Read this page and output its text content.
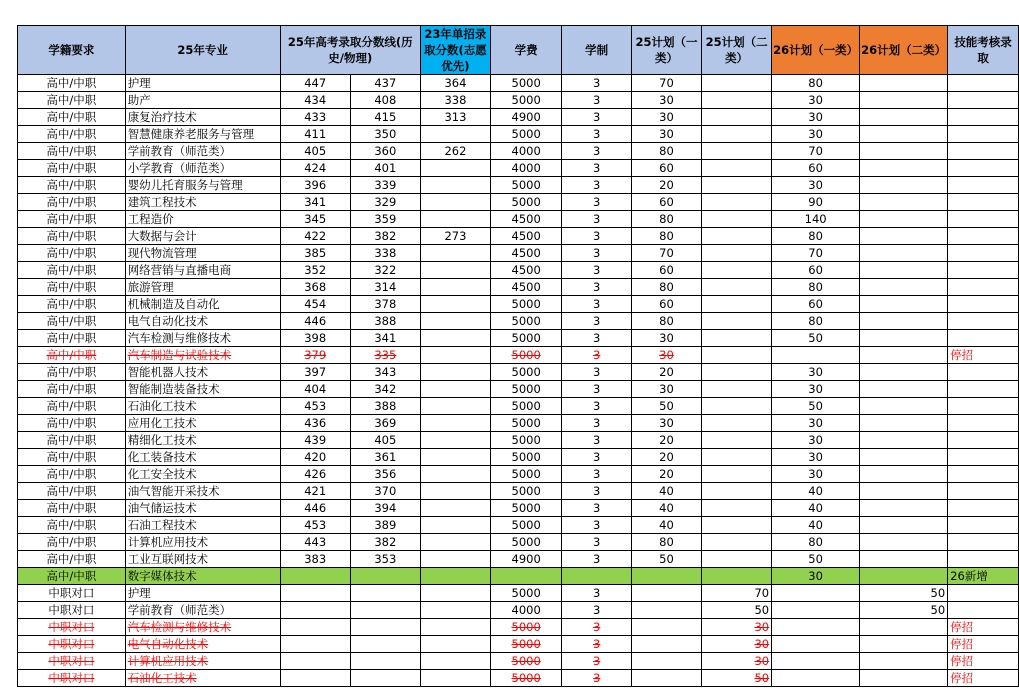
学籍要求	25年专业	25年高考录取分数线(历史/物理)		23年单招录取分数(志愿优先)	学费	学制	25计划（一类）	25计划（二类）	26计划（一类）	26计划（二类）	技能考核录取
高中/中职	护理	447	437	364	5000	3	70		80		
高中/中职	助产	434	408	338	5000	3	30		30		
高中/中职	康复治疗技术	433	415	313	4900	3	30		30		
高中/中职	智慧健康养老服务与管理	411	350		5000	3	30		30		
高中/中职	学前教育（师范类）	405	360	262	4000	3	80		70		
高中/中职	小学教育（师范类）	424	401		4000	3	60		60		
高中/中职	婴幼儿托育服务与管理	396	339		5000	3	20		30		
高中/中职	建筑工程技术	341	329		5000	3	60		90		
高中/中职	工程造价	345	359		4500	3	80		140		
高中/中职	大数据与会计	422	382	273	4500	3	80		80		
高中/中职	现代物流管理	385	338		4500	3	70		70		
高中/中职	网络营销与直播电商	352	322		4500	3	60		60		
高中/中职	旅游管理	368	314		4500	3	80		80		
高中/中职	机械制造及自动化	454	378		5000	3	60		60		
高中/中职	电气自动化技术	446	388		5000	3	80		80		
高中/中职	汽车检测与维修技术	398	341		5000	3	30		50		
高中/中职	汽车制造与试验技术	379	335		5000	3	30				停招
高中/中职	智能机器人技术	397	343		5000	3	20		30		
高中/中职	智能制造装备技术	404	342		5000	3	30		30		
高中/中职	石油化工技术	453	388		5000	3	50		50		
高中/中职	应用化工技术	436	369		5000	3	30		30		
高中/中职	精细化工技术	439	405		5000	3	20		30		
高中/中职	化工装备技术	420	361		5000	3	20		30		
高中/中职	化工安全技术	426	356		5000	3	20		30		
高中/中职	油气智能开采技术	421	370		5000	3	40		40		
高中/中职	油气储运技术	446	394		5000	3	40		40		
高中/中职	石油工程技术	453	389		5000	3	40		40		
高中/中职	计算机应用技术	443	382		5000	3	80		80		
高中/中职	工业互联网技术	383	353		4900	3	50		50		
高中/中职	数字媒体技术								30		26新增
中职对口	护理				5000	3		70		50	
中职对口	学前教育（师范类）				4000	3		50		50	
中职对口	汽车检测与维修技术				5000	3		30			停招
中职对口	电气自动化技术				5000	3		30			停招
中职对口	计算机应用技术				5000	3		30			停招
中职对口	石油化工技术				5000	3		50			停招
